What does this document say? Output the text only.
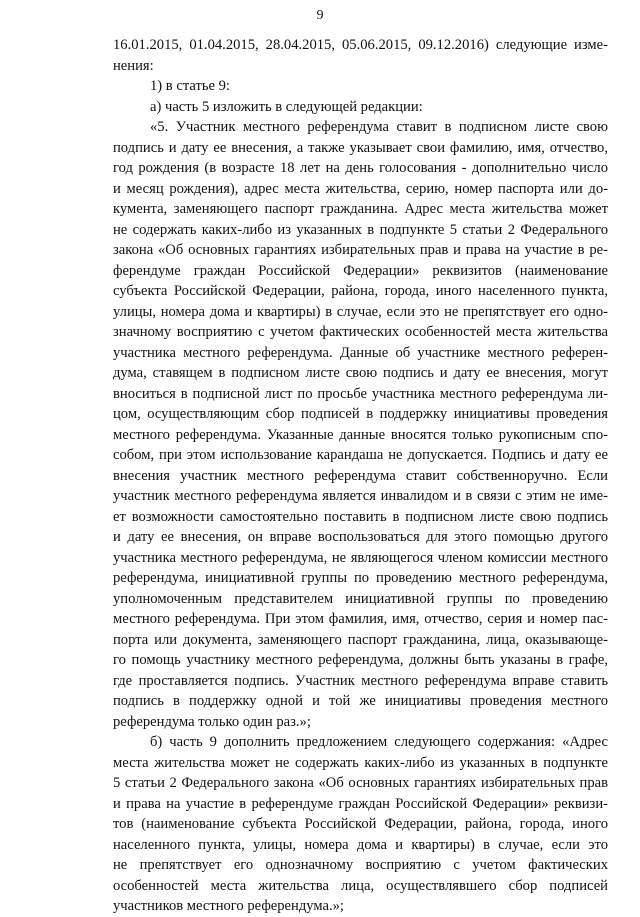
9
16.01.2015, 01.04.2015, 28.04.2015, 05.06.2015, 09.12.2016) следующие изме-
нения:
1) в статье 9:
а) часть 5 изложить в следующей редакции:
«5. Участник местного референдума ставит в подписном листе свою
подпись и дату ее внесения, а также указывает свои фамилию, имя, отчество,
год рождения (в возрасте 18 лет на день голосования - дополнительно число
и месяц рождения), адрес места жительства, серию, номер паспорта или до-
кумента, заменяющего паспорт гражданина. Адрес места жительства может
не содержать каких-либо из указанных в подпункте 5 статьи 2 Федерального
закона «Об основных гарантиях избирательных прав и права на участие в ре-
ферендуме граждан Российской Федерации» реквизитов (наименование
субъекта Российской Федерации, района, города, иного населенного пункта,
улицы, номера дома и квартиры) в случае, если это не препятствует его одно-
значному восприятию с учетом фактических особенностей места жительства
участника местного референдума. Данные об участнике местного референ-
дума, ставящем в подписном листе свою подпись и дату ее внесения, могут
вноситься в подписной лист по просьбе участника местного референдума ли-
цом, осуществляющим сбор подписей в поддержку инициативы проведения
местного референдума. Указанные данные вносятся только рукописным спо-
собом, при этом использование карандаша не допускается. Подпись и дату ее
внесения участник местного референдума ставит собственноручно. Если
участник местного референдума является инвалидом и в связи с этим не име-
ет возможности самостоятельно поставить в подписном листе свою подпись
и дату ее внесения, он вправе воспользоваться для этого помощью другого
участника местного референдума, не являющегося членом комиссии местного
референдума, инициативной группы по проведению местного референдума,
уполномоченным представителем инициативной группы по проведению
местного референдума. При этом фамилия, имя, отчество, серия и номер пас-
порта или документа, заменяющего паспорт гражданина, лица, оказывающе-
го помощь участнику местного референдума, должны быть указаны в графе,
где проставляется подпись. Участник местного референдума вправе ставить
подпись в поддержку одной и той же инициативы проведения местного
референдума только один раз.»;
б) часть 9 дополнить предложением следующего содержания: «Адрес
места жительства может не содержать каких-либо из указанных в подпункте
5 статьи 2 Федерального закона «Об основных гарантиях избирательных прав
и права на участие в референдуме граждан Российской Федерации» реквизи-
тов (наименование субъекта Российской Федерации, района, города, иного
населенного пункта, улицы, номера дома и квартиры) в случае, если это
не препятствует его однозначному восприятию с учетом фактических
особенностей места жительства лица, осуществлявшего сбор подписей
участников местного референдума.»;
